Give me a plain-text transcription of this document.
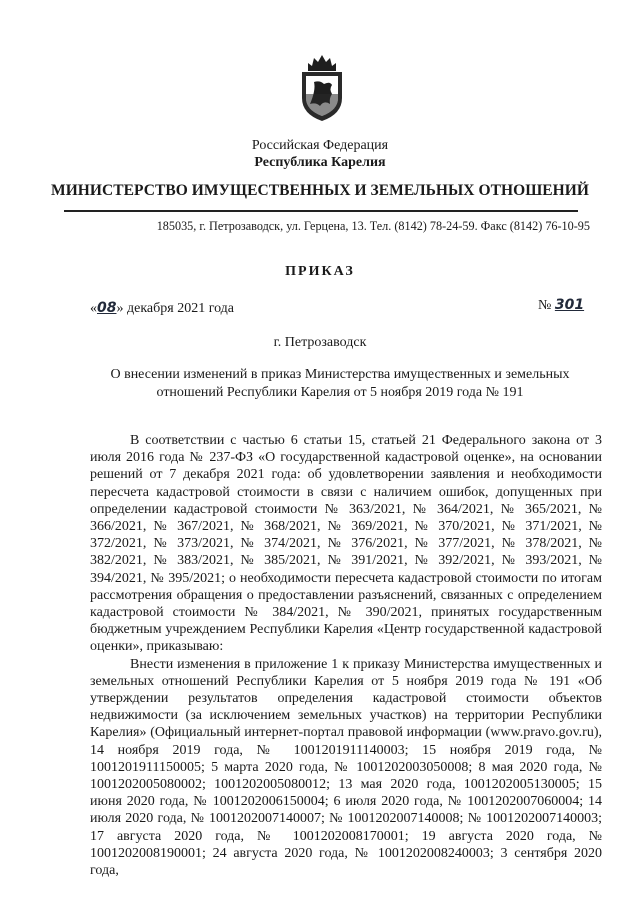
Российская Федерация
Республика Карелия
МИНИСТЕРСТВО ИМУЩЕСТВЕННЫХ И ЗЕМЕЛЬНЫХ ОТНОШЕНИЙ
185035, г. Петрозаводск, ул. Герцена, 13. Тел. (8142) 78-24-59. Факс (8142) 76-10-95
ПРИКАЗ
«08» декабря 2021 года	№ 301
г. Петрозаводск
О внесении изменений в приказ Министерства имущественных и земельных отношений Республики Карелия от 5 ноября 2019 года № 191

В соответствии с частью 6 статьи 15, статьей 21 Федерального закона от 3 июля 2016 года № 237-ФЗ «О государственной кадастровой оценке», на основании решений от 7 декабря 2021 года: об удовлетворении заявления и необходимости пересчета кадастровой стоимости в связи с наличием ошибок, допущенных при определении кадастровой стоимости № 363/2021, № 364/2021, № 365/2021, № 366/2021, № 367/2021, № 368/2021, № 369/2021, № 370/2021, № 371/2021, № 372/2021, № 373/2021, № 374/2021, № 376/2021, № 377/2021, № 378/2021, № 382/2021, № 383/2021, № 385/2021, № 391/2021, № 392/2021, № 393/2021, № 394/2021, № 395/2021; о необходимости пересчета кадастровой стоимости по итогам рассмотрения обращения о предоставлении разъяснений, связанных с определением кадастровой стоимости № 384/2021, № 390/2021, принятых государственным бюджетным учреждением Республики Карелия «Центр государственной кадастровой оценки», приказываю:

Внести изменения в приложение 1 к приказу Министерства имущественных и земельных отношений Республики Карелия от 5 ноября 2019 года № 191 «Об утверждении результатов определения кадастровой стоимости объектов недвижимости (за исключением земельных участков) на территории Республики Карелия» (Официальный интернет-портал правовой информации (www.pravo.gov.ru), 14 ноября 2019 года, № 1001201911140003; 15 ноября 2019 года, № 1001201911150005; 5 марта 2020 года, № 1001202003050008; 8 мая 2020 года, № 1001202005080002; 1001202005080012; 13 мая 2020 года, 1001202005130005; 15 июня 2020 года, № 1001202006150004; 6 июля 2020 года, № 1001202007060004; 14 июля 2020 года, № 1001202007140007; № 1001202007140008; № 1001202007140003; 17 августа 2020 года, № 1001202008170001; 19 августа 2020 года, № 1001202008190001; 24 августа 2020 года, № 1001202008240003; 3 сентября 2020 года,
